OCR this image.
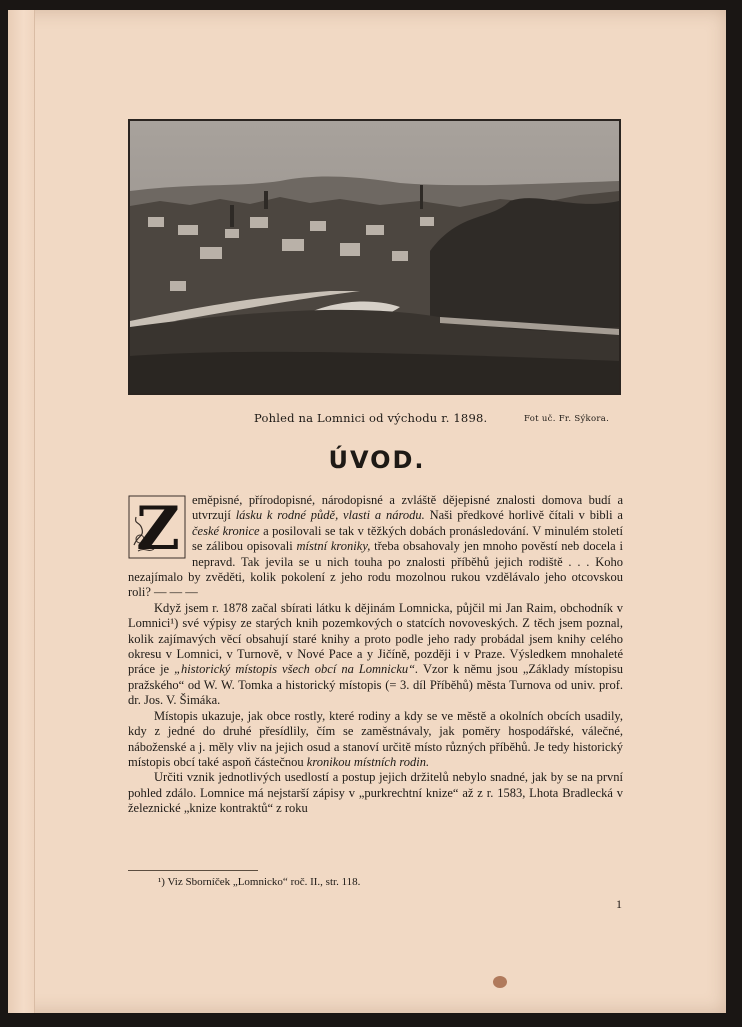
Pohled na Lomnici od východu r. 1898.	Fot uč. Fr. Sýkora.
ÚVOD.

Z eměpisné, přírodopisné, národopisné a zvláště dějepisné znalosti domova budí a utvrzují lásku k rodné půdě, vlasti a národu. Naši předkové horlivě čítali v bibli a české kronice a posilovali se tak v těžkých dobách pronásledování. V minulém století se zálibou opisovali místní kroniky, třeba obsahovaly jen mnoho pověstí neb docela i nepravd. Tak jevila se u nich touha po znalosti příběhů jejich rodiště . . . Koho nezajímalo by zvěděti, kolik pokolení z jeho rodu mozolnou rukou vzdělávalo jeho otcovskou roli? — — —

Když jsem r. 1878 začal sbírati látku k dějinám Lomnicka, půjčil mi Jan Raim, obchodník v Lomnici¹) své výpisy ze starých knih pozemkových o statcích novoveských. Z těch jsem poznal, kolik zajímavých věcí obsahují staré knihy a proto podle jeho rady probádal jsem knihy celého okresu v Lomnici, v Turnově, v Nové Pace a y Jičíně, později i v Praze. Výsledkem mnohaleté práce je „historický místopis všech obcí na Lomnicku“. Vzor k němu jsou „Základy místopisu pražského“ od W. W. Tomka a historický místopis (= 3. díl Příběhů) města Turnova od univ. prof. dr. Jos. V. Šimáka.

Místopis ukazuje, jak obce rostly, které rodiny a kdy se ve městě a okolních obcích usadily, kdy z jedné do druhé přesídlily, čím se zaměstnávaly, jak poměry hospodářské, válečné, náboženské a j. měly vliv na jejich osud a stanoví určitě místo různých příběhů. Je tedy historický místopis obcí také aspoň částečnou kronikou místních rodin.

Určiti vznik jednotlivých usedlostí a postup jejich držitelů nebylo snadné, jak by se na první pohled zdálo. Lomnice má nejstarší zápisy v „purkrechtní knize“ až z r. 1583, Lhota Bradlecká v železnické „knize kontraktů“ z roku

¹) Viz Sborníček „Lomnicko“ roč. II., str. 118.
1
